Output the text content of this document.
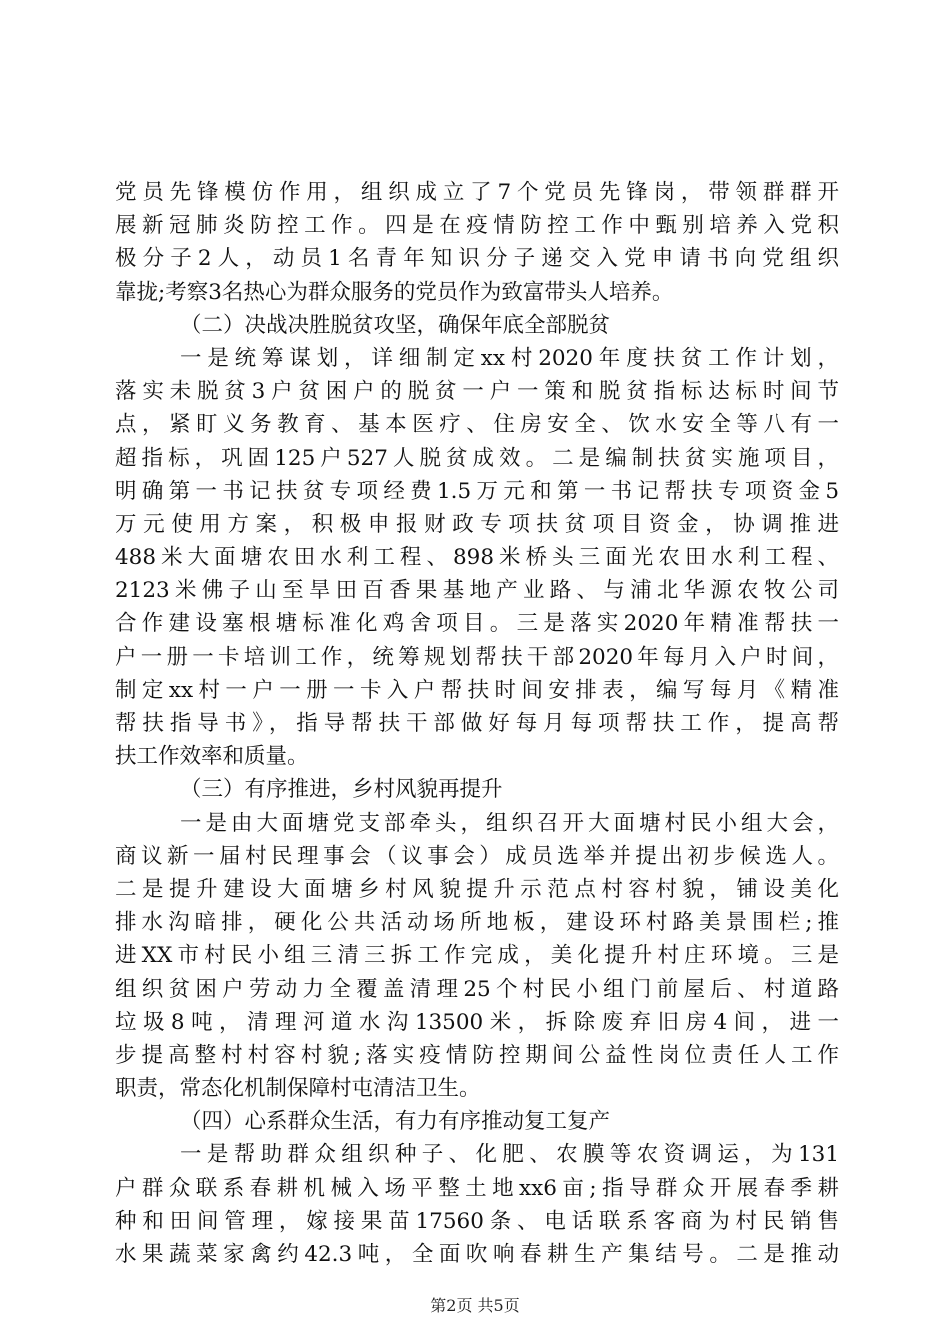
党员先锋模仿作用，组织成立了7个党员先锋岗，带领群群开
展新冠肺炎防控工作。四是在疫情防控工作中甄别培养入党积
极分子2人，动员1名青年知识分子递交入党申请书向党组织
靠拢;考察3名热心为群众服务的党员作为致富带头人培养。
（二）决战决胜脱贫攻坚，确保年底全部脱贫
一是统筹谋划，详细制定xx村2020年度扶贫工作计划，
落实未脱贫3户贫困户的脱贫一户一策和脱贫指标达标时间节
点，紧盯义务教育、基本医疗、住房安全、饮水安全等八有一
超指标，巩固125户527人脱贫成效。二是编制扶贫实施项目，
明确第一书记扶贫专项经费1.5万元和第一书记帮扶专项资金5
万元使用方案，积极申报财政专项扶贫项目资金，协调推进
488米大面塘农田水利工程、898米桥头三面光农田水利工程、
2123米佛子山至旱田百香果基地产业路、与浦北华源农牧公司
合作建设塞根塘标准化鸡舍项目。三是落实2020年精准帮扶一
户一册一卡培训工作，统筹规划帮扶干部2020年每月入户时间，
制定xx村一户一册一卡入户帮扶时间安排表，编写每月《精准
帮扶指导书》，指导帮扶干部做好每月每项帮扶工作，提高帮
扶工作效率和质量。
（三）有序推进，乡村风貌再提升
一是由大面塘党支部牵头，组织召开大面塘村民小组大会，
商议新一届村民理事会（议事会）成员选举并提出初步候选人。
二是提升建设大面塘乡村风貌提升示范点村容村貌，铺设美化
排水沟暗排，硬化公共活动场所地板，建设环村路美景围栏;推
进XX市村民小组三清三拆工作完成，美化提升村庄环境。三是
组织贫困户劳动力全覆盖清理25个村民小组门前屋后、村道路
垃圾8吨，清理河道水沟13500米，拆除废弃旧房4间，进一
步提高整村村容村貌;落实疫情防控期间公益性岗位责任人工作
职责，常态化机制保障村屯清洁卫生。
（四）心系群众生活，有力有序推动复工复产
一是帮助群众组织种子、化肥、农膜等农资调运，为131
户群众联系春耕机械入场平整土地xx6亩;指导群众开展春季耕
种和田间管理，嫁接果苗17560条、电话联系客商为村民销售
水果蔬菜家禽约42.3吨，全面吹响春耕生产集结号。二是推动
第2页 共5页
